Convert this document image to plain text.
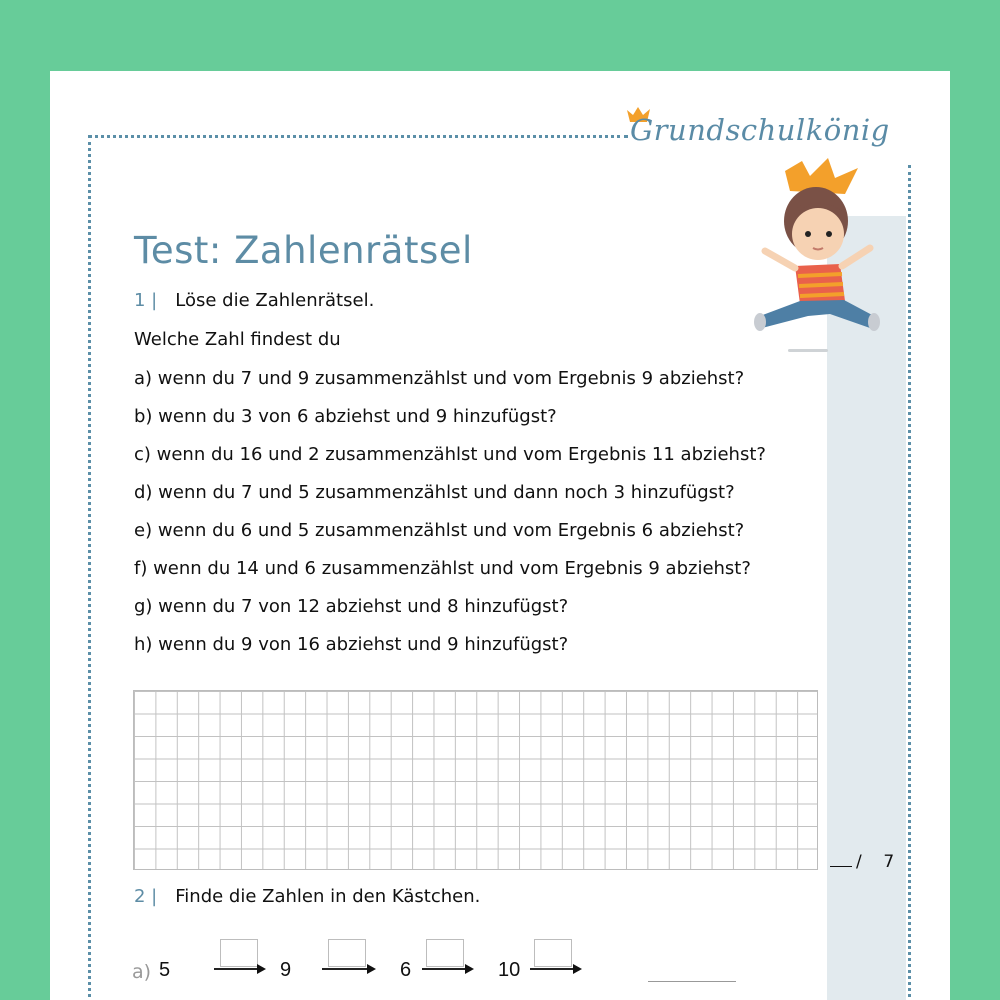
Grundschulkönig
Test: Zahlenrätsel
1 | Löse die Zahlenrätsel.
Welche Zahl findest du
a) wenn du 7 und 9 zusammenzählst und vom Ergebnis 9 abziehst?
b) wenn du 3 von 6 abziehst und 9 hinzufügst?
c) wenn du 16 und 2 zusammenzählst und vom Ergebnis 11 abziehst?
d) wenn du 7 und 5 zusammenzählst und dann noch 3 hinzufügst?
e) wenn du 6 und 5 zusammenzählst und vom Ergebnis 6 abziehst?
f) wenn du 14 und 6 zusammenzählst und vom Ergebnis 9 abziehst?
g) wenn du 7 von 12 abziehst und 8 hinzufügst?
h) wenn du 9 von 16 abziehst und 9 hinzufügst?
/ 7
2 | Finde die Zahlen in den Kästchen.
a) 5	9	6	10
